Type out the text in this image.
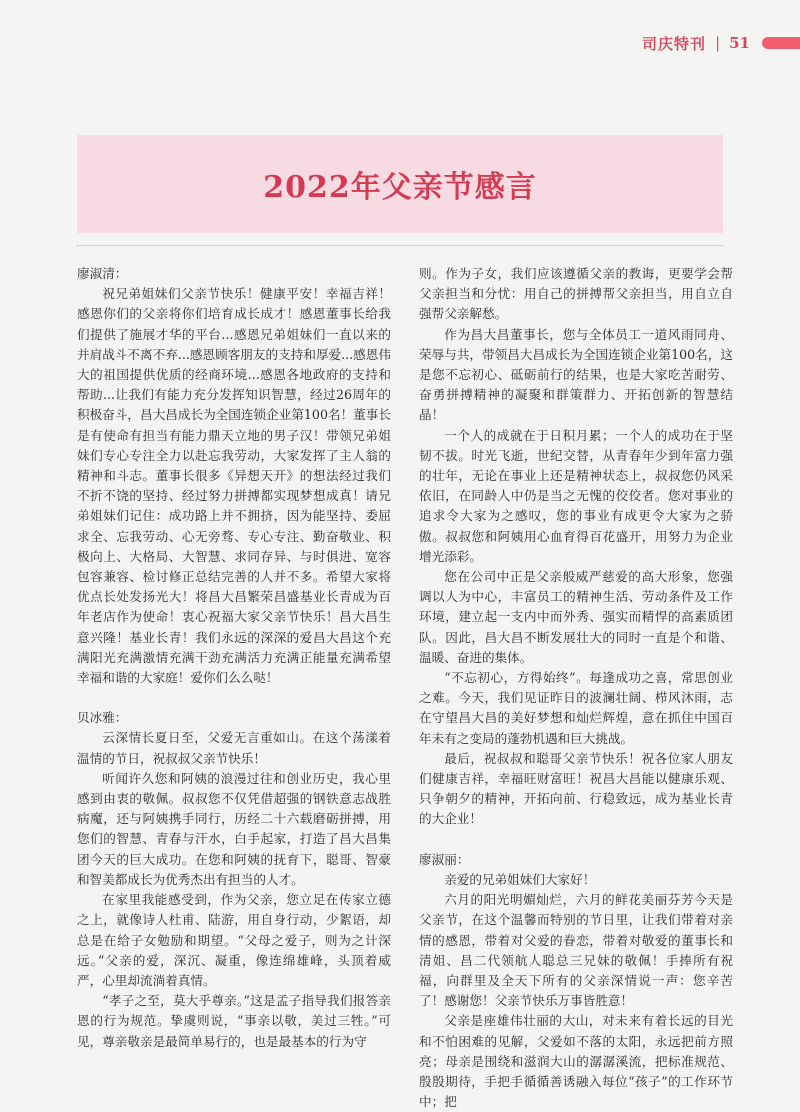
司庆特刊 | 51
2022年父亲节感言

廖淑清：

祝兄弟姐妹们父亲节快乐！健康平安！幸福吉祥！感恩你们的父亲将你们培育成长成才！感恩董事长给我们提供了施展才华的平台...感恩兄弟姐妹们一直以来的并肩战斗不离不弃...感恩顾客朋友的支持和厚爱...感恩伟大的祖国提供优质的经商环境...感恩各地政府的支持和帮助...让我们有能力充分发挥知识智慧，经过26周年的积极奋斗，昌大昌成长为全国连锁企业第100名！董事长是有使命有担当有能力鼎天立地的男子汉！带领兄弟姐妹们专心专注全力以赴忘我劳动，大家发挥了主人翁的精神和斗志。董事长很多《异想天开》的想法经过我们不折不饶的坚持、经过努力拼搏都实现梦想成真！请兄弟姐妹们记住：成功路上并不拥挤，因为能坚持、委屈求全、忘我劳动、心无旁骛、专心专注、勤奋敬业、积极向上、大格局、大智慧、求同存异、与时俱进、宽容包容兼容、检讨修正总结完善的人并不多。希望大家将优点长处发扬光大！将昌大昌繁荣昌盛基业长青成为百年老店作为使命！衷心祝福大家父亲节快乐！昌大昌生意兴隆！基业长青！我们永远的深深的爱昌大昌这个充满阳光充满激情充满干劲充满活力充满正能量充满希望幸福和谐的大家庭！爱你们么么哒！

贝冰雅：

云深情长夏日至，父爱无言重如山。在这个荡漾着温情的节日，祝叔叔父亲节快乐！

听闻许久您和阿姨的浪漫过往和创业历史，我心里感到由衷的敬佩。叔叔您不仅凭借超强的钢铁意志战胜病魔，还与阿姨携手同行，历经二十六载磨砺拼搏，用您们的智慧、青春与汗水，白手起家，打造了昌大昌集团今天的巨大成功。在您和阿姨的抚育下，聪哥、智豪和智美都成长为优秀杰出有担当的人才。

在家里我能感受到，作为父亲，您立足在传家立德之上，就像诗人杜甫、陆游，用自身行动，少絮语，却总是在给子女勉励和期望。“父母之爱子，则为之计深远。”父亲的爱，深沉、凝重，像连绵雄峰，头顶着威严，心里却流淌着真情。

“孝子之至，莫大乎尊亲。”这是孟子指导我们报答亲恩的行为规范。挚虞则说，“事亲以敬，美过三牲。”可见，尊亲敬亲是最简单易行的，也是最基本的行为守

则。作为子女，我们应该遵循父亲的教诲，更要学会帮父亲担当和分忧：用自己的拼搏帮父亲担当，用自立自强帮父亲解愁。

作为昌大昌董事长，您与全体员工一道风雨同舟、荣辱与共，带领昌大昌成长为全国连锁企业第100名，这是您不忘初心、砥砺前行的结果，也是大家吃苦耐劳、奋勇拼搏精神的凝聚和群策群力、开拓创新的智慧结晶！

一个人的成就在于日积月累；一个人的成功在于坚韧不拔。时光飞逝，世纪交替，从青春年少到年富力强的壮年，无论在事业上还是精神状态上，叔叔您仍风采依旧，在同龄人中仍是当之无愧的佼佼者。您对事业的追求令大家为之感叹，您的事业有成更令大家为之骄傲。叔叔您和阿姨用心血育得百花盛开，用努力为企业增光添彩。

您在公司中正是父亲般威严慈爱的高大形象，您强调以人为中心，丰富员工的精神生活、劳动条件及工作环境，建立起一支内中而外秀、强实而精悍的高素质团队。因此，昌大昌不断发展壮大的同时一直是个和谐、温暖、奋进的集体。

“不忘初心，方得始终”。每逢成功之喜，常思创业之难。今天，我们见证昨日的波澜壮阔、栉风沐雨，志在守望昌大昌的美好梦想和灿烂辉煌，意在抓住中国百年未有之变局的蓬勃机遇和巨大挑战。

最后，祝叔叔和聪哥父亲节快乐！祝各位家人朋友们健康吉祥，幸福旺财富旺！祝昌大昌能以健康乐观、只争朝夕的精神，开拓向前、行稳致远，成为基业长青的大企业！

廖淑丽：

亲爱的兄弟姐妹们大家好！

六月的阳光明媚灿烂，六月的鲜花美丽芬芳今天是父亲节，在这个温馨而特别的节日里，让我们带着对亲情的感恩，带着对父爱的眷恋，带着对敬爱的董事长和清姐、昌二代领航人聪总三兄妹的敬佩！手捧所有祝福，向群里及全天下所有的父亲深情说一声：您辛苦了！感谢您！父亲节快乐万事皆胜意！

父亲是座雄伟壮丽的大山，对未来有着长远的目光和不怕困难的见解，父爱如不落的太阳，永远把前方照亮；母亲是围绕和滋润大山的潺潺溪流，把标准规范、殷殷期待，手把手循循善诱融入每位“孩子”的工作环节中；把
